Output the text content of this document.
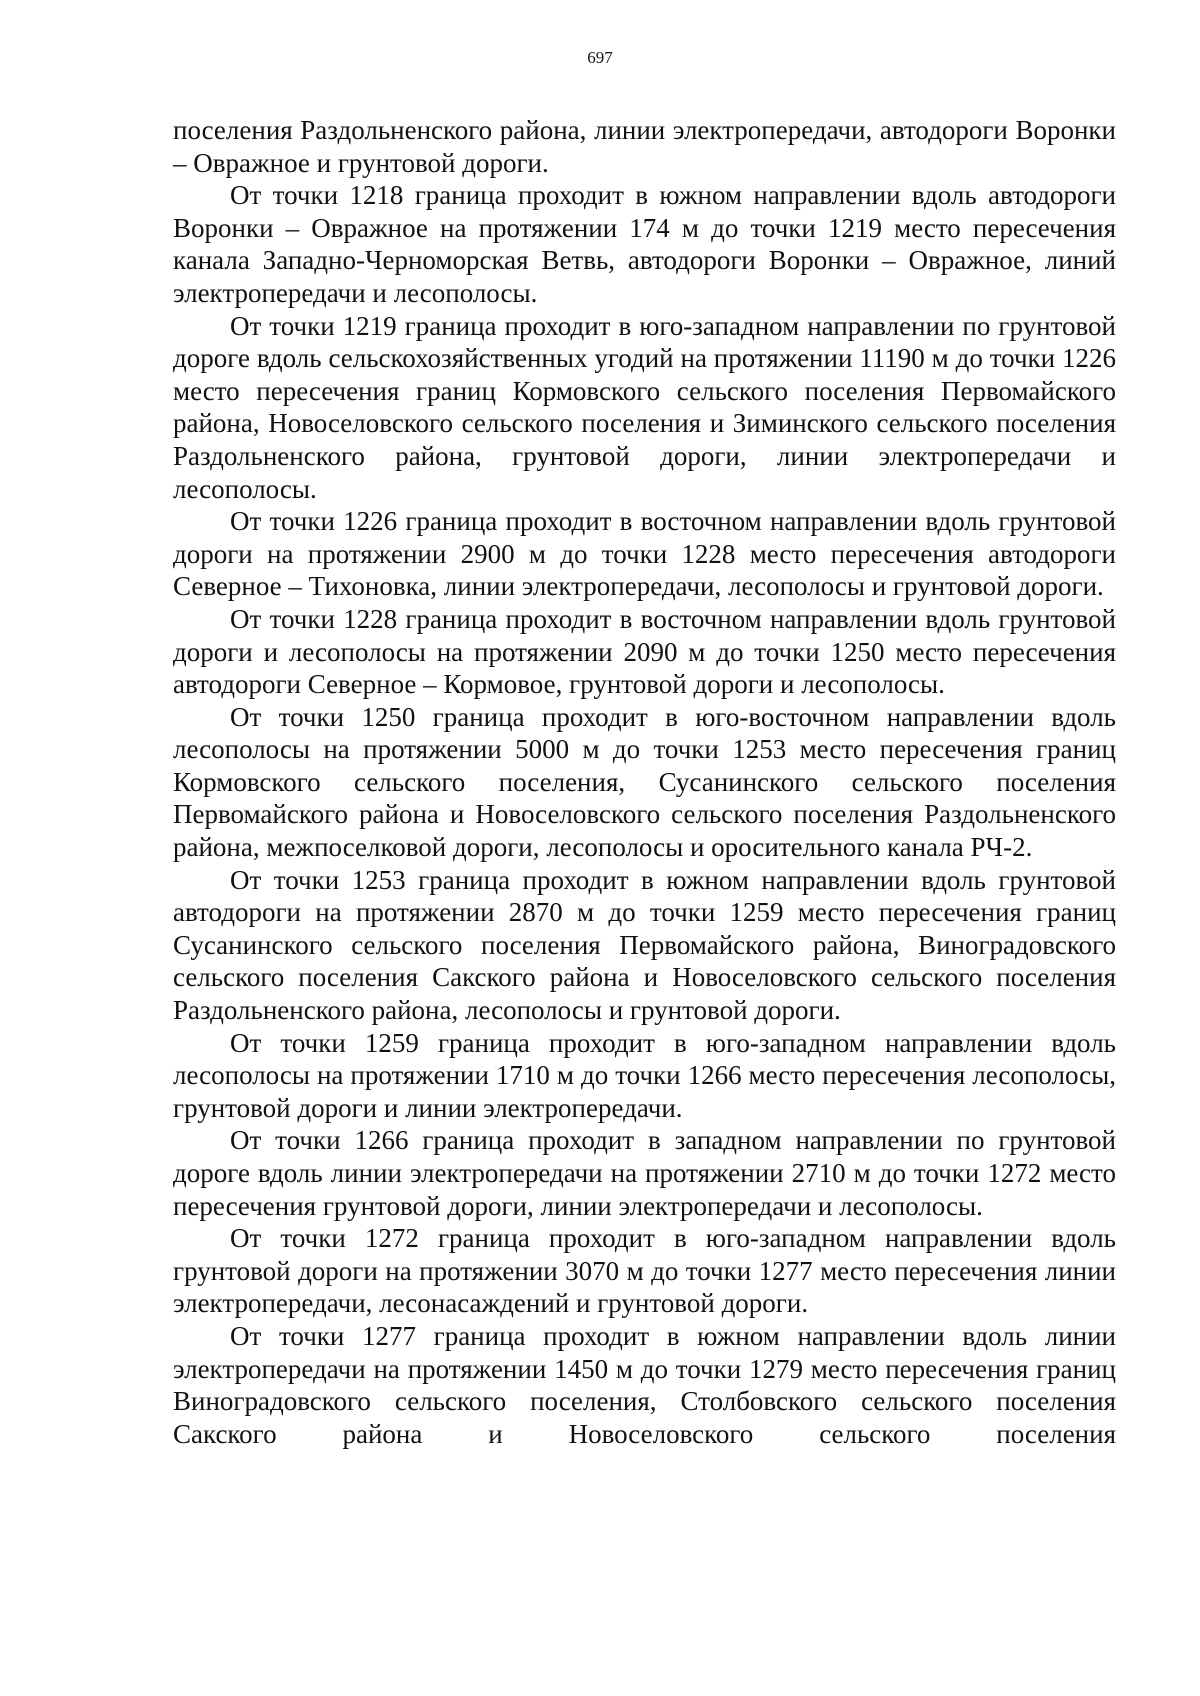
697

поселения Раздольненского района, линии электропередачи, автодороги Воронки – Овражное и грунтовой дороги.

От точки 1218 граница проходит в южном направлении вдоль автодороги Воронки – Овражное на протяжении 174 м до точки 1219 место пересечения канала Западно-Черноморская Ветвь, автодороги Воронки – Овражное, линий электропередачи и лесополосы.

От точки 1219 граница проходит в юго-западном направлении по грунтовой дороге вдоль сельскохозяйственных угодий на протяжении 11190 м до точки 1226 место пересечения границ Кормовского сельского поселения Первомайского района, Новоселовского сельского поселения и Зиминского сельского поселения Раздольненского района, грунтовой дороги, линии электропередачи и лесополосы.

От точки 1226 граница проходит в восточном направлении вдоль грунтовой дороги на протяжении 2900 м до точки 1228 место пересечения автодороги Северное – Тихоновка, линии электропередачи, лесополосы и грунтовой дороги.

От точки 1228 граница проходит в восточном направлении вдоль грунтовой дороги и лесополосы на протяжении 2090 м до точки 1250 место пересечения автодороги Северное – Кормовое, грунтовой дороги и лесополосы.

От точки 1250 граница проходит в юго-восточном направлении вдоль лесополосы на протяжении 5000 м до точки 1253 место пересечения границ Кормовского сельского поселения, Сусанинского сельского поселения Первомайского района и Новоселовского сельского поселения Раздольненского района, межпоселковой дороги, лесополосы и оросительного канала РЧ-2.

От точки 1253 граница проходит в южном направлении вдоль грунтовой автодороги на протяжении 2870 м до точки 1259 место пересечения границ Сусанинского сельского поселения Первомайского района, Виноградовского сельского поселения Сакского района и Новоселовского сельского поселения Раздольненского района, лесополосы и грунтовой дороги.

От точки 1259 граница проходит в юго-западном направлении вдоль лесополосы на протяжении 1710 м до точки 1266 место пересечения лесополосы, грунтовой дороги и линии электропередачи.

От точки 1266 граница проходит в западном направлении по грунтовой дороге вдоль линии электропередачи на протяжении 2710 м до точки 1272 место пересечения грунтовой дороги, линии электропередачи и лесополосы.

От точки 1272 граница проходит в юго-западном направлении вдоль грунтовой дороги на протяжении 3070 м до точки 1277 место пересечения линии электропередачи, лесонасаждений и грунтовой дороги.

От точки 1277 граница проходит в южном направлении вдоль линии электропередачи на протяжении 1450 м до точки 1279 место пересечения границ Виноградовского сельского поселения, Столбовского сельского поселения Сакского района и Новоселовского сельского поселения
